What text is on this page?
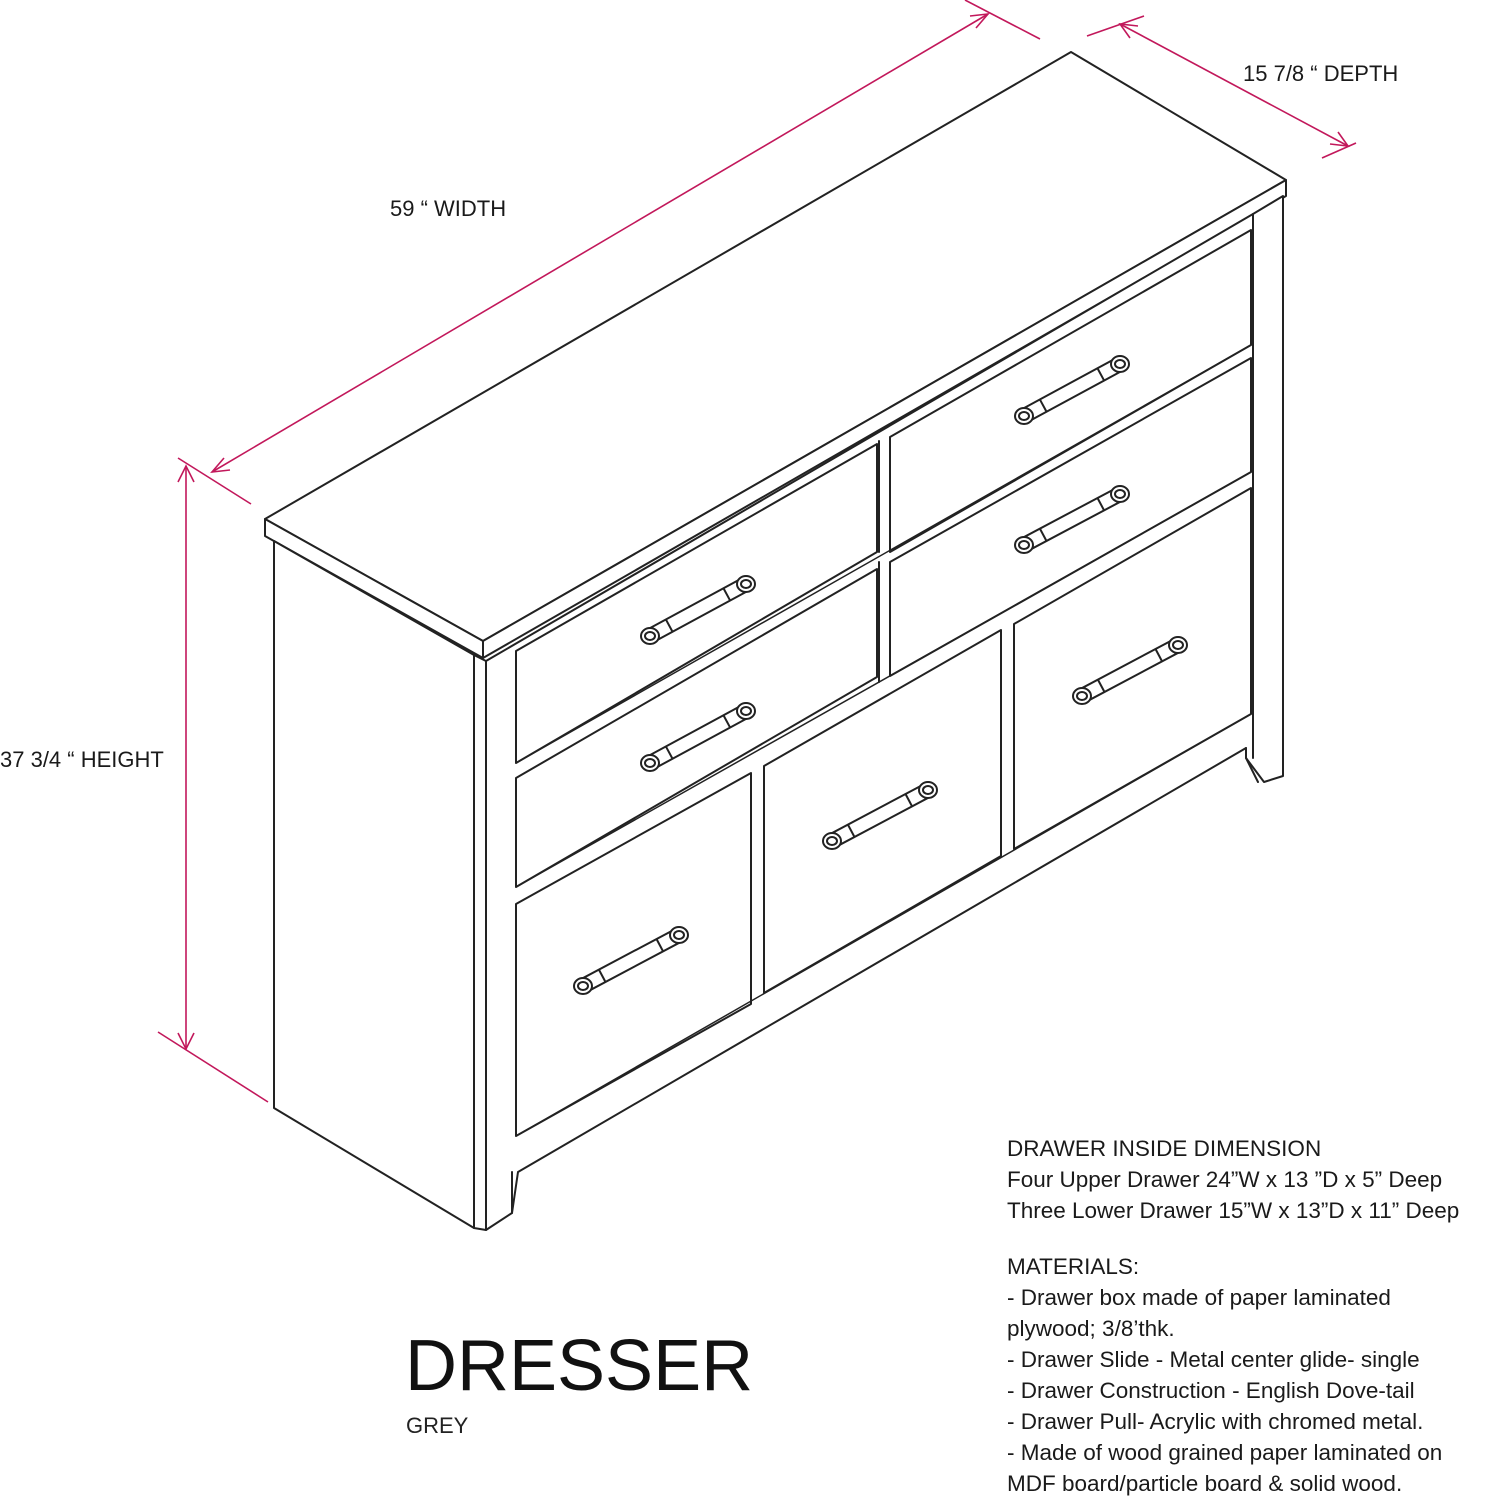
59 “ WIDTH
15 7/8 “ DEPTH
37 3/4 “ HEIGHT
DRESSER
GREY
DRAWER INSIDE DIMENSION
Four Upper Drawer 24”W x 13 ”D x 5” Deep
Three Lower Drawer 15”W x 13”D x 11” Deep
MATERIALS:
- Drawer box made of paper laminated
plywood; 3/8’thk.
- Drawer Slide - Metal center glide- single
- Drawer Construction - English Dove-tail
- Drawer Pull- Acrylic with chromed metal.
- Made of wood grained paper laminated on
MDF board/particle board & solid wood.
